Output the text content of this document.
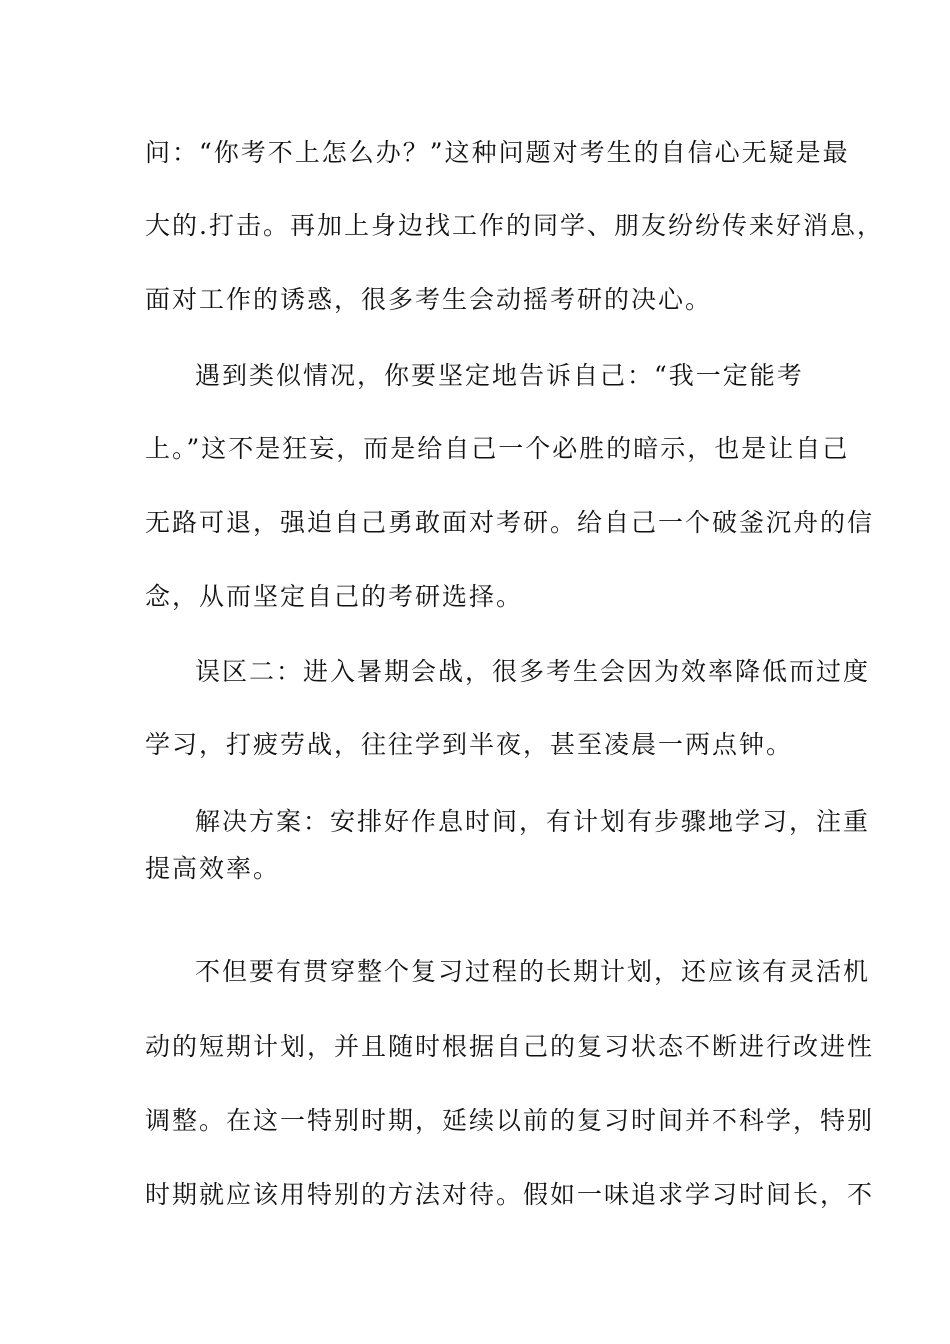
问：“你考不上怎么办？”这种问题对考生的自信心无疑是最
大的.打击。再加上身边找工作的同学、朋友纷纷传来好消息，
面对工作的诱惑，很多考生会动摇考研的决心。
遇到类似情况，你要坚定地告诉自己：“我一定能考
上。”这不是狂妄，而是给自己一个必胜的暗示，也是让自己
无路可退，强迫自己勇敢面对考研。给自己一个破釜沉舟的信
念，从而坚定自己的考研选择。
误区二：进入暑期会战，很多考生会因为效率降低而过度
学习，打疲劳战，往往学到半夜，甚至凌晨一两点钟。
解决方案：安排好作息时间，有计划有步骤地学习，注重
提高效率。
不但要有贯穿整个复习过程的长期计划，还应该有灵活机
动的短期计划，并且随时根据自己的复习状态不断进行改进性
调整。在这一特别时期，延续以前的复习时间并不科学，特别
时期就应该用特别的方法对待。假如一味追求学习时间长，不
